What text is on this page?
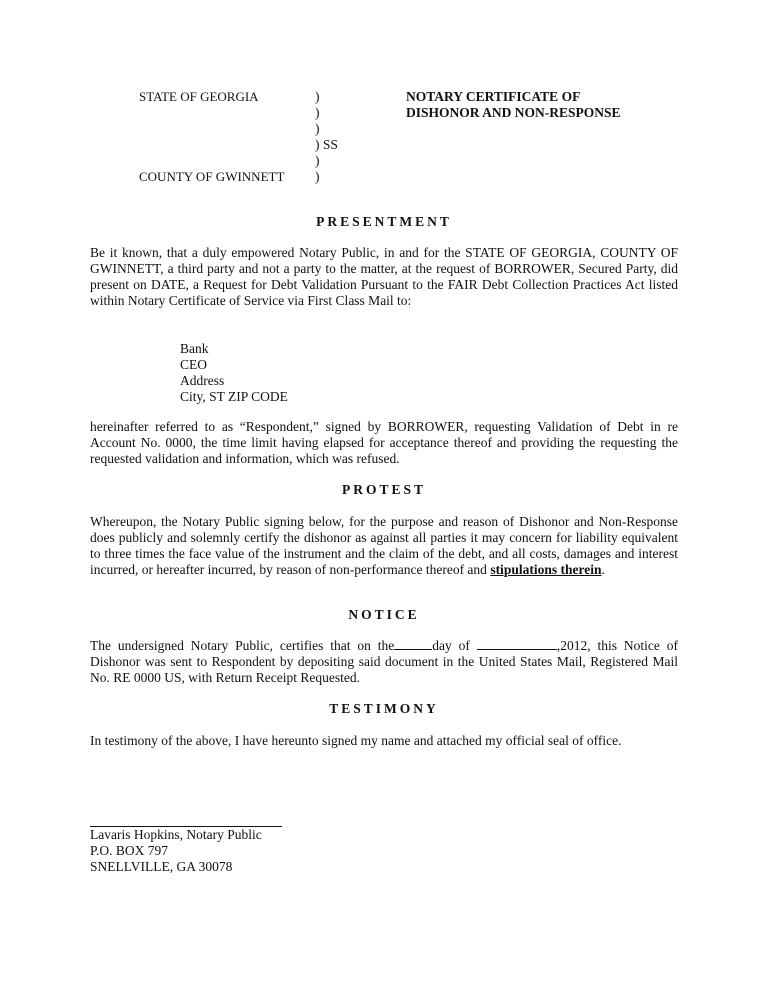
STATE OF GEORGIA	)
)
)
) SS
)
COUNTY OF GWINNETT )
NOTARY CERTIFICATE OF
DISHONOR AND NON-RESPONSE
PRESENTMENT

Be it known, that a duly empowered Notary Public, in and for the STATE OF GEORGIA, COUNTY OF GWINNETT, a third party and not a party to the matter, at the request of BORROWER, Secured Party, did present on DATE, a Request for Debt Validation Pursuant to the FAIR Debt Collection Practices Act listed within Notary Certificate of Service via First Class Mail to:

Bank
CEO
Address
City, ST ZIP CODE

hereinafter referred to as “Respondent,” signed by BORROWER, requesting Validation of Debt in re Account No. 0000, the time limit having elapsed for acceptance thereof and providing the requesting the requested validation and information, which was refused.

PROTEST

Whereupon, the Notary Public signing below, for the purpose and reason of Dishonor and Non-Response does publicly and solemnly certify the dishonor as against all parties it may concern for liability equivalent to three times the face value of the instrument and the claim of the debt, and all costs, damages and interest incurred, or hereafter incurred, by reason of non-performance thereof and stipulations therein.

NOTICE

The undersigned Notary Public, certifies that on the	day of	,2012, this Notice of Dishonor was sent to Respondent by depositing said document in the United States Mail, Registered Mail No. RE 0000 US, with Return Receipt Requested.

TESTIMONY

In testimony of the above, I have hereunto signed my name and attached my official seal of office.

Lavaris Hopkins, Notary Public
P.O. BOX 797
SNELLVILLE, GA 30078
